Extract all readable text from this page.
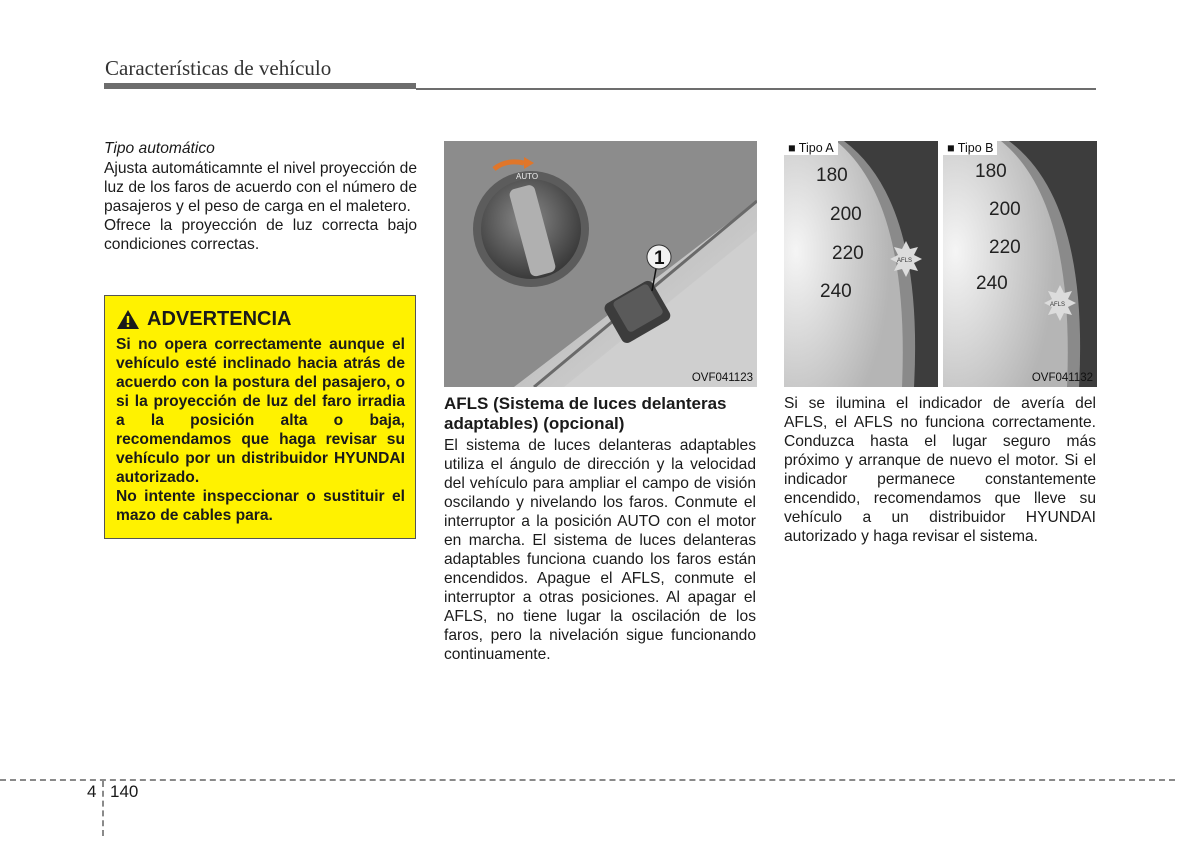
Características de vehículo
Tipo automático

Ajusta automáticamnte el nivel proyección de luz de los faros de acuerdo con el número de pasajeros y el peso de carga en el maletero.

Ofrece la proyección de luz correcta bajo condiciones correctas.

ADVERTENCIA

Si no opera correctamente aunque el vehículo esté inclinado hacia atrás de acuerdo con la postura del pasajero, o si la proyección de luz del faro irradia a la posición alta o baja, recomendamos que haga revisar su vehículo por un distribuidor HYUNDAI autorizado.

No intente inspeccionar o sustituir el mazo de cables para.

AUTO
1
OVF041123
180
200
220
240
AFLS
180
200
220
240
AFLS
■ Tipo A	■ Tipo B
OVF041132
AFLS (Sistema de luces delanteras adaptables) (opcional)

El sistema de luces delanteras adaptables utiliza el ángulo de dirección y la velocidad del vehículo para ampliar el campo de visión oscilando y nivelando los faros. Conmute el interruptor a la posición AUTO con el motor en marcha. El sistema de luces delanteras adaptables funciona cuando los faros están encendidos. Apague el AFLS, conmute el interruptor a otras posiciones. Al apagar el AFLS, no tiene lugar la oscilación de los faros, pero la nivelación sigue funcionando continuamente.

Si se ilumina el indicador de avería del AFLS, el AFLS no funciona correctamente. Conduzca hasta el lugar seguro más próximo y arranque de nuevo el motor. Si el indicador permanece constantemente encendido, recomendamos que lleve su vehículo a un distribuidor HYUNDAI autorizado y haga revisar el sistema.

4 140
